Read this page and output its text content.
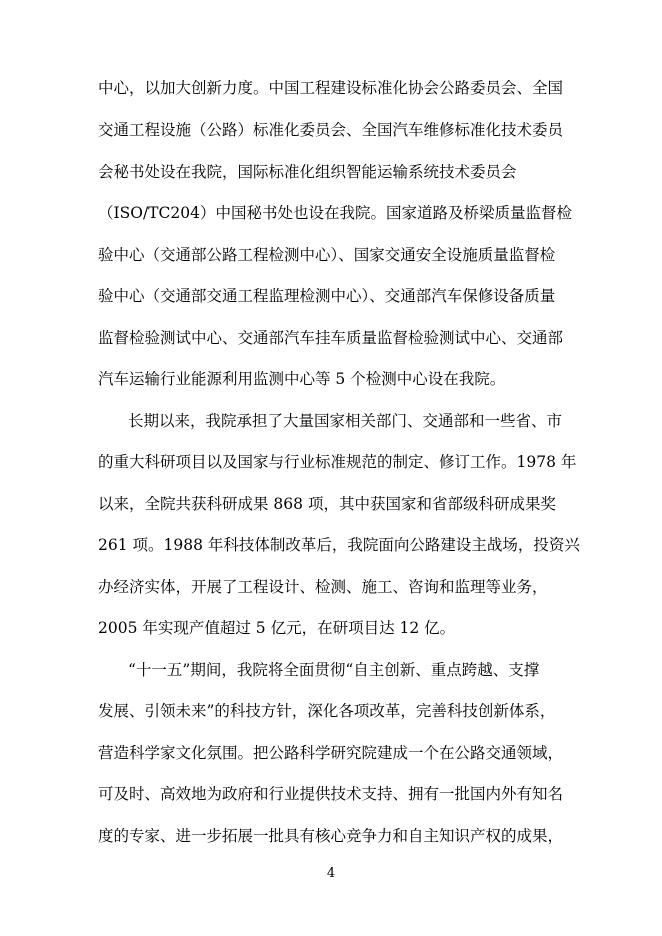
中心，以加大创新力度。中国工程建设标准化协会公路委员会、全国
交通工程设施（公路）标准化委员会、全国汽车维修标准化技术委员
会秘书处设在我院，国际标准化组织智能运输系统技术委员会
（ISO/TC204）中国秘书处也设在我院。国家道路及桥梁质量监督检
验中心（交通部公路工程检测中心）、国家交通安全设施质量监督检
验中心（交通部交通工程监理检测中心）、交通部汽车保修设备质量
监督检验测试中心、交通部汽车挂车质量监督检验测试中心、交通部
汽车运输行业能源利用监测中心等 5 个检测中心设在我院。
长期以来，我院承担了大量国家相关部门、交通部和一些省、市
的重大科研项目以及国家与行业标准规范的制定、修订工作。1978 年
以来，全院共获科研成果 868 项，其中获国家和省部级科研成果奖
261 项。1988 年科技体制改革后，我院面向公路建设主战场，投资兴
办经济实体，开展了工程设计、检测、施工、咨询和监理等业务，
2005 年实现产值超过 5 亿元，在研项目达 12 亿。
“十一五”期间，我院将全面贯彻“自主创新、重点跨越、支撑
发展、引领未来”的科技方针，深化各项改革，完善科技创新体系，
营造科学家文化氛围。把公路科学研究院建成一个在公路交通领域，
可及时、高效地为政府和行业提供技术支持、拥有一批国内外有知名
度的专家、进一步拓展一批具有核心竞争力和自主知识产权的成果，
4
